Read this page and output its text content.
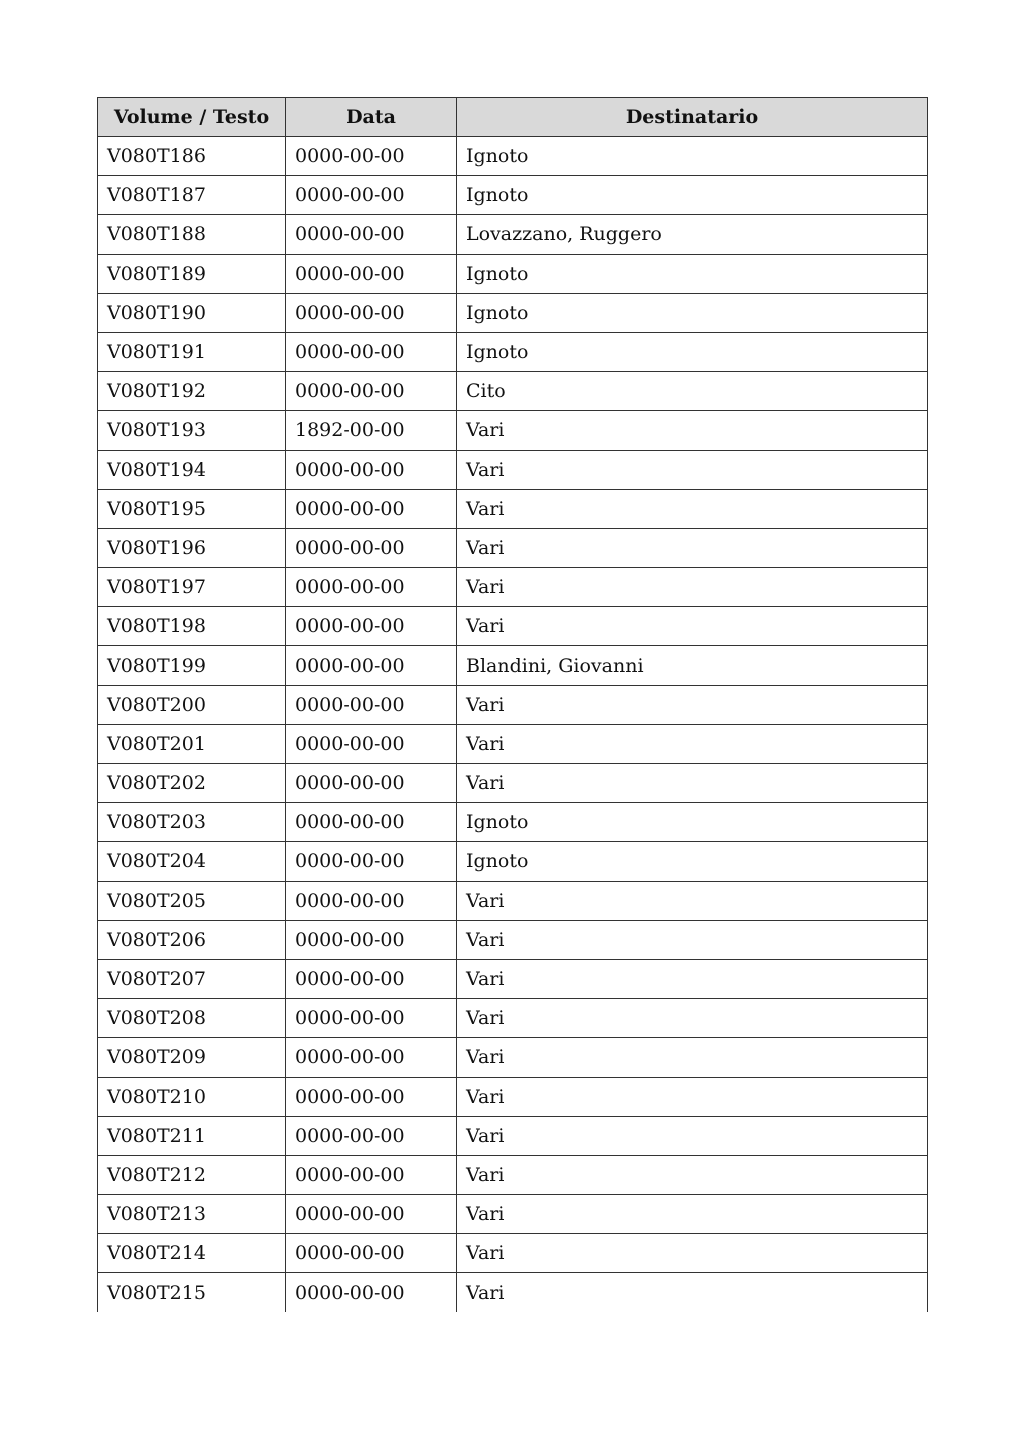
Volume / Testo	Data	Destinatario
V080T186	0000-00-00	Ignoto
V080T187	0000-00-00	Ignoto
V080T188	0000-00-00	Lovazzano, Ruggero
V080T189	0000-00-00	Ignoto
V080T190	0000-00-00	Ignoto
V080T191	0000-00-00	Ignoto
V080T192	0000-00-00	Cito
V080T193	1892-00-00	Vari
V080T194	0000-00-00	Vari
V080T195	0000-00-00	Vari
V080T196	0000-00-00	Vari
V080T197	0000-00-00	Vari
V080T198	0000-00-00	Vari
V080T199	0000-00-00	Blandini, Giovanni
V080T200	0000-00-00	Vari
V080T201	0000-00-00	Vari
V080T202	0000-00-00	Vari
V080T203	0000-00-00	Ignoto
V080T204	0000-00-00	Ignoto
V080T205	0000-00-00	Vari
V080T206	0000-00-00	Vari
V080T207	0000-00-00	Vari
V080T208	0000-00-00	Vari
V080T209	0000-00-00	Vari
V080T210	0000-00-00	Vari
V080T211	0000-00-00	Vari
V080T212	0000-00-00	Vari
V080T213	0000-00-00	Vari
V080T214	0000-00-00	Vari
V080T215	0000-00-00	Vari
